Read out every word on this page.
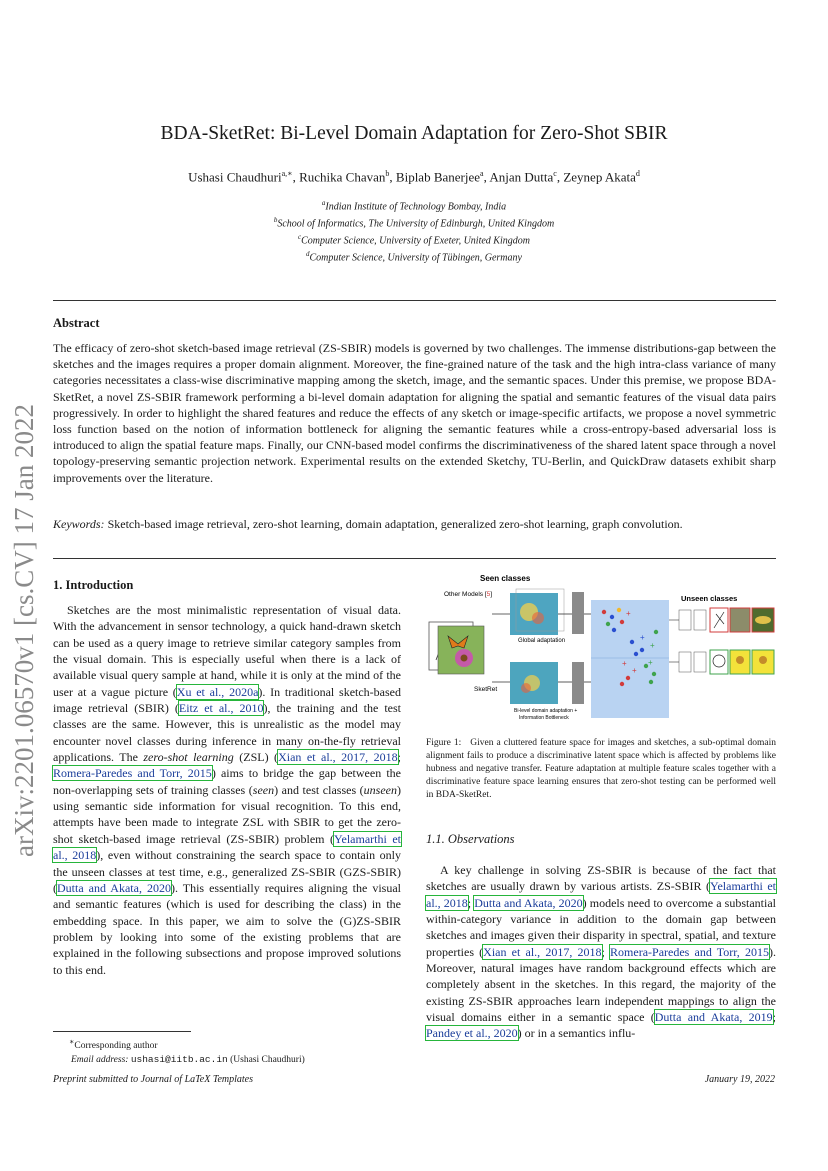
arXiv:2201.06570v1 [cs.CV] 17 Jan 2022
BDA-SketRet: Bi-Level Domain Adaptation for Zero-Shot SBIR
Ushasi Chaudhuri$^{a,∗}$, Ruchika Chavan$^b$, Biplab Banerjee$^a$, Anjan Dutta$^c$, Zeynep Akata$^d$
$^a$Indian Institute of Technology Bombay, India
$^b$School of Informatics, The University of Edinburgh, United Kingdom
$^c$Computer Science, University of Exeter, United Kingdom
$^d$Computer Science, University of Tübingen, Germany
Abstract
The efficacy of zero-shot sketch-based image retrieval (ZS-SBIR) models is governed by two challenges. The immense distributions-gap between the sketches and the images requires a proper domain alignment. Moreover, the fine-grained nature of the task and the high intra-class variance of many categories necessitates a class-wise discriminative mapping among the sketch, image, and the semantic spaces. Under this premise, we propose BDA-SketRet, a novel ZS-SBIR framework performing a bi-level domain adaptation for aligning the spatial and semantic features of the visual data pairs progressively. In order to highlight the shared features and reduce the effects of any sketch or image-specific artifacts, we propose a novel symmetric loss function based on the notion of information bottleneck for aligning the semantic features while a cross-entropy-based adversarial loss is introduced to align the spatial feature maps. Finally, our CNN-based model confirms the discriminativeness of the shared latent space through a novel topology-preserving semantic projection network. Experimental results on the extended Sketchy, TU-Berlin, and QuickDraw datasets exhibit sharp improvements over the literature.
Keywords: Sketch-based image retrieval, zero-shot learning, domain adaptation, generalized zero-shot learning, graph convolution.
1. Introduction
Sketches are the most minimalistic representation of visual data. With the advancement in sensor technology, a quick hand-drawn sketch can be used as a query image to retrieve similar category samples from the visual domain. This is especially useful when there is a lack of available visual query sample at hand, while it is only at the mind of the user at a vague picture (Xu et al., 2020a). In traditional sketch-based image retrieval (SBIR) (Eitz et al., 2010), the training and the test classes are the same. However, this is unrealistic as the model may encounter novel classes during inference in many on-the-fly retrieval applications. The zero-shot learning (ZSL) (Xian et al., 2017, 2018; Romera-Paredes and Torr, 2015) aims to bridge the gap between the non-overlapping sets of training classes (seen) and test classes (unseen) using semantic side information for visual recognition. To this end, attempts have been made to integrate ZSL with SBIR to get the zero-shot sketch-based image retrieval (ZS-SBIR) problem (Yelamarthi et al., 2018), even without constraining the search space to contain only the unseen classes at test time, e.g., generalized ZS-SBIR (GZS-SBIR) (Dutta and Akata, 2020). This essentially requires aligning the visual and semantic features (which is used for describing the class) in the embedding space. In this paper, we aim to solve the (G)ZS-SBIR problem by looking into some of the existing problems that are explained in the following subsections and propose improved solutions to this end.
∗Corresponding author
Email address: ushasi@iitb.ac.in (Ushasi Chaudhuri)
Seen classes
Other Models [5]	Unseen classes
Global adaptation
SketRet
Bi-level domain adaptation +
Information Bottleneck
+
+
+
+
+
+
Figure 1: Given a cluttered feature space for images and sketches, a sub-optimal domain alignment fails to produce a discriminative latent space which is affected by problems like hubness and negative transfer. Feature adaptation at multiple feature scales together with a discriminative feature space learning ensures that zero-shot testing can be performed well in BDA-SketRet.
1.1. Observations
A key challenge in solving ZS-SBIR is because of the fact that sketches are usually drawn by various artists. ZS-SBIR (Yelamarthi et al., 2018; Dutta and Akata, 2020) models need to overcome a substantial within-category variance in addition to the domain gap between sketches and images given their disparity in spectral, spatial, and texture properties (Xian et al., 2017, 2018; Romera-Paredes and Torr, 2015). Moreover, natural images have random background effects which are completely absent in the sketches. In this regard, the majority of the existing ZS-SBIR approaches learn independent mappings to align the visual domains either in a semantic space (Dutta and Akata, 2019; Pandey et al., 2020) or in a semantics influ-
Preprint submitted to Journal of LaTeX Templates	January 19, 2022
